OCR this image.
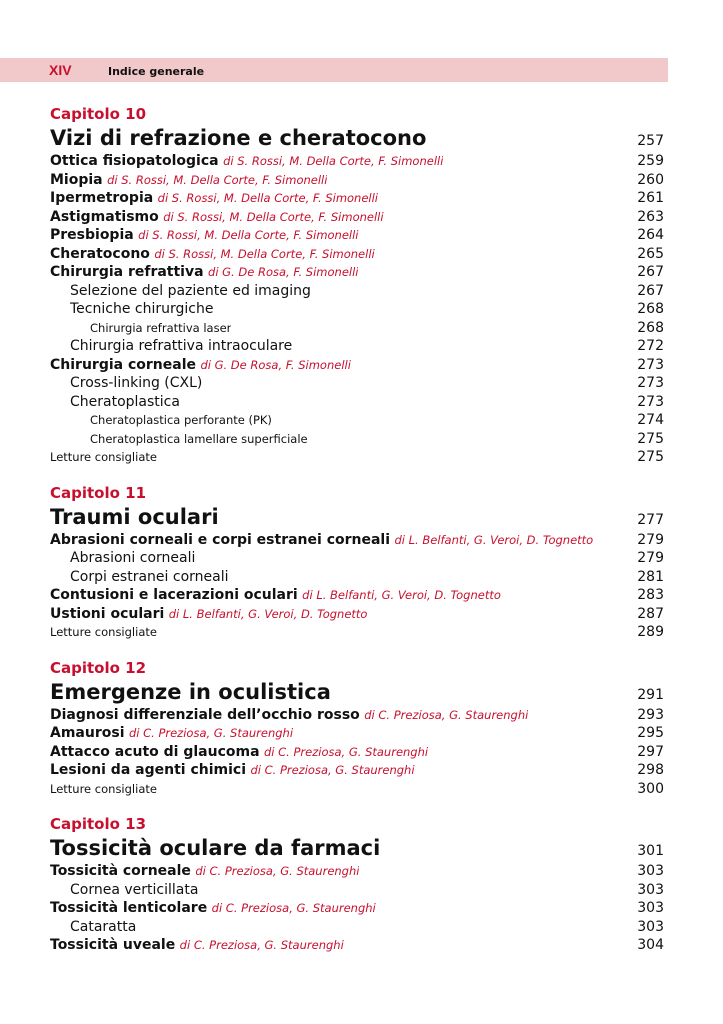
XIV	Indice generale
Capitolo 10
Vizi di refrazione e cheratocono	257
Ottica fisiopatologica di S. Rossi, M. Della Corte, F. Simonelli	259
Miopia di S. Rossi, M. Della Corte, F. Simonelli	260
Ipermetropia di S. Rossi, M. Della Corte, F. Simonelli	261
Astigmatismo di S. Rossi, M. Della Corte, F. Simonelli	263
Presbiopia di S. Rossi, M. Della Corte, F. Simonelli	264
Cheratocono di S. Rossi, M. Della Corte, F. Simonelli	265
Chirurgia refrattiva di G. De Rosa, F. Simonelli	267
Selezione del paziente ed imaging	267
Tecniche chirurgiche	268
Chirurgia refrattiva laser	268
Chirurgia refrattiva intraoculare	272
Chirurgia corneale di G. De Rosa, F. Simonelli	273
Cross-linking (CXL)	273
Cheratoplastica	273
Cheratoplastica perforante (PK)	274
Cheratoplastica lamellare superficiale	275
Letture consigliate	275
Capitolo 11
Traumi oculari	277
Abrasioni corneali e corpi estranei corneali di L. Belfanti, G. Veroi, D. Tognetto	279
Abrasioni corneali	279
Corpi estranei corneali	281
Contusioni e lacerazioni oculari di L. Belfanti, G. Veroi, D. Tognetto	283
Ustioni oculari di L. Belfanti, G. Veroi, D. Tognetto	287
Letture consigliate	289
Capitolo 12
Emergenze in oculistica	291
Diagnosi differenziale dell’occhio rosso di C. Preziosa, G. Staurenghi	293
Amaurosi di C. Preziosa, G. Staurenghi	295
Attacco acuto di glaucoma di C. Preziosa, G. Staurenghi	297
Lesioni da agenti chimici di C. Preziosa, G. Staurenghi	298
Letture consigliate	300
Capitolo 13
Tossicità oculare da farmaci	301
Tossicità corneale di C. Preziosa, G. Staurenghi	303
Cornea verticillata	303
Tossicità lenticolare di C. Preziosa, G. Staurenghi	303
Cataratta	303
Tossicità uveale di C. Preziosa, G. Staurenghi	304
